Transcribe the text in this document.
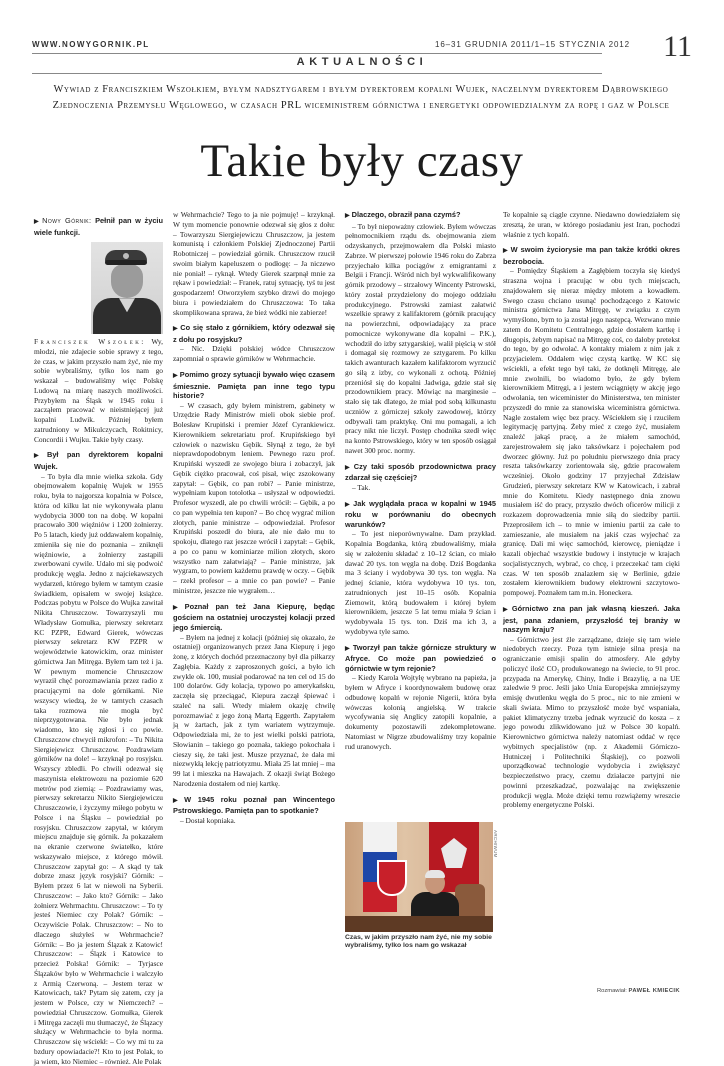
WWW.NOWYGORNIK.PL	16–31 GRUDNIA 2011/1–15 STYCZNIA 2012 11
AKTUALNOŚCI
Wywiad z Franciszkiem Wszołkiem, byłym nadsztygarem i byłym dyrektorem kopalni Wujek, naczelnym dyrektorem Dąbrowskiego Zjednoczenia Przemysłu Węglowego, w czasach PRL wiceministrem górnictwa i energetyki odpowiedzialnym za ropę i gaz w Polsce
Takie były czasy

▶ Nowy Górnik: Pełnił pan w życiu wiele funkcji.

Franciszek Wszołek: Wy, młodzi, nie zdajecie sobie sprawy z tego, że czas, w jakim przyszło nam żyć, nie my sobie wybraliśmy, tylko los nam go wskazał – budowaliśmy więc Polskę Ludową na miarę naszych możliwości. Przybyłem na Śląsk w 1945 roku i zacząłem pracować w nieistniejącej już kopalni Ludwik. Później byłem zatrudniony w Mikulczycach, Rokitnicy, Concordii i Wujku. Takie były czasy.

▶ Był pan dyrektorem kopalni Wujek.

– To była dla mnie wielka szkoła. Gdy obejmowałem kopalnię Wujek w 1955 roku, była to najgorsza kopalnia w Polsce, która od kilku lat nie wykonywała planu wydobycia 3000 ton na dobę. W kopalni pracowało 300 więźniów i 1200 żołnierzy. Po 5 latach, kiedy już oddawałem kopalnię, zmieniła się nie do poznania – zniknęli więźniowie, a żołnierzy zastąpili zwerbowani cywile. Udało mi się podwoić produkcję węgla. Jedno z najciekawszych wydarzeń, którego byłem w tamtym czasie świadkiem, opisałem w swojej książce. Podczas pobytu w Polsce do Wujka zawitał Nikita Chruszczow. Towarzyszyli mu Władysław Gomułka, pierwszy sekretarz KC PZPR, Edward Gierek, wówczas pierwszy sekretarz KW PZPR w województwie katowickim, oraz minister górnictwa Jan Mitręga. Byłem tam też i ja. W pewnym momencie Chruszczow wyraził chęć porozmawiania przez radio z pracującymi na dole górnikami. Nie wszyscy wiedzą, że w tamtych czasach taka rozmowa nie mogła być nieprzygotowana. Nie było jednak wiadomo, kto się zgłosi i co powie. Chruszczow chwycił mikrofon: – Tu Nikita Siergiejewicz Chruszczow. Pozdrawiam górników na dole! – krzyknął po rosyjsku. Wszyscy zbledli. Po chwili odezwał się maszynista elektrowozu na poziomie 620 metrów pod ziemią: – Pozdrawiamy was, pierwszy sekretarzu Nikito Siergiejewiczu Chruszczowie, i życzymy miłego pobytu w Polsce i na Śląsku – powiedział po rosyjsku. Chruszczow zapytał, w którym miejscu znajduje się górnik. Ja pokazałem na ekranie czerwone światełko, które wskazywało miejsce, z którego mówił. Chruszczow zapytał go: – A skąd ty tak dobrze znasz język rosyjski? Górnik: – Byłem przez 6 lat w niewoli na Syberii. Chruszczow: – Jako kto? Górnik: – Jako żołnierz Wehrmachtu. Chruszczow: – To ty jesteś Niemiec czy Polak? Górnik: – Oczywiście Polak. Chruszczow: – No to dlaczego służyłeś w Wehrmachcie? Górnik: – Bo ja jestem Ślązak z Katowic! Chruszczow: – Ślązk i Katowice to przecież Polska! Górnik: – Tyrjasce Ślązaków było w Wehrmachcie i walczyło z Armią Czerwoną. – Jestem teraz w Katowicach, tak? Pytam się zatem, czy ja jestem w Polsce, czy w Niemczech? – powiedział Chruszczow. Gomułka, Gierek i Mitręga zaczęli mu tłumaczyć, że Ślązacy służący w Wehrmachcie to była norma. Chruszczow się wściekł: – Co wy mi tu za bzdury opowiadacie?! Kto to jest Polak, to ja wiem, kto Niemiec – również. Ale Polak

w Wehrmachcie? Tego to ja nie pojmuję! – krzyknął. W tym momencie ponownie odezwał się głos z dołu: – Towarzyszu Siergiejewiczu Chruszczow, ja jestem komunistą i członkiem Polskiej Zjednoczonej Partii Robotniczej – powiedział górnik. Chruszczow rzucił swoim białym kapeluszem o podłogę: – Ja niczewo nie poniał! – ryknął. Wtedy Gierek szarpnął mnie za rękaw i powiedział: – Franek, ratuj sytuację, tyś tu jest gospodarzem! Otworzyłem szybko drzwi do mojego biura i powiedziałem do Chruszczowa: To taka skomplikowana sprawa, że bież wódki nie zabierze!

▶ Co się stało z górnikiem, który odezwał się z dołu po rosyjsku?

– Nic. Dzięki polskiej wódce Chruszczow zapomniał o sprawie górników w Wehrmachcie.

▶ Pomimo grozy sytuacji bywało więc czasem śmiesznie. Pamięta pan inne tego typu historie?

– W czasach, gdy byłem ministrem, gabinety w Urzędzie Rady Ministrów mieli obok siebie prof. Bolesław Krupiński i premier Józef Cyrankiewicz. Kierownikiem sekretariatu prof. Krupińskiego był człowiek o nazwisku Gębik. Słynął z tego, że był nieprawdopodobnym leniem. Pewnego razu prof. Krupiński wyszedł ze swojego biura i zobaczył, jak Gębik ciężko pracował, coś pisał, więc zszokowany zapytał: – Gębik, co pan robi? – Panie ministrze, wypełniam kupon totolotka – usłyszał w odpowiedzi. Profesor wyszedł, ale po chwili wrócił: – Gębik, a po co pan wypełnia ten kupon? – Bo chcę wygrać milion złotych, panie ministrze – odpowiedział. Profesor Krupiński poszedł do biura, ale nie dało mu to spokoju, dlatego raz jeszcze wrócił i zapytał: – Gębik, a po co panu w kominiarze milion złotych, skoro wszystko nam załatwiają? – Panie ministrze, jak wygram, to powiem każdemu prawdę w oczy. – Gębik – rzekł profesor – a mnie co pan powie? – Panie ministrze, jeszcze nie wygrałem…

▶ Poznał pan też Jana Kiepurę, będąc gościem na ostatniej uroczystej kolacji przed jego śmiercią.

– Byłem na jednej z kolacji (później się okazało, że ostatniej) organizowanych przez Jana Kiepurę i jego żonę, z których dochód przeznaczony był dla piłkarzy Zagłębia. Każdy z zaproszonych gości, a było ich zwykle ok. 100, musiał podarować na ten cel od 15 do 100 dolarów. Gdy kolacja, typowo po amerykańsku, zaczęła się przeciągać, Kiepura zaczął śpiewać i szaleć na sali. Wtedy miałem okazję chwilę porozmawiać z jego żoną Martą Eggerth. Zapytałem ją w żartach, jak z tym wariatem wytrzymuje. Odpowiedziała mi, że to jest wielki polski patriota, Słowianin – takiego go poznała, takiego pokochała i cieszy się, że taki jest. Musze przyznać, że dała mi niezwykłą lekcję patriotyzmu. Miała 25 lat mniej – ma 99 lat i mieszka na Hawajach. Z okazji świąt Bożego Narodzenia dostałem od niej kartkę.

▶ W 1945 roku poznał pan Wincentego Pstrowskiego. Pamięta pan to spotkanie?

– Dostał kopniaka.

▶ Dlaczego, obraził pana czymś?

– To był niepoważny człowiek. Byłem wówczas pełnomocnikiem rządu ds. obejmowania ziem odzyskanych, przejmowałem dla Polski miasto Zabrze. W pierwszej połowie 1946 roku do Zabrza przyjechało kilka pociągów z emigrantami z Belgii i Francji. Wśród nich był wykwalifikowany górnik przodowy – strzałowy Wincenty Pstrowski, który został przydzielony do mojego oddziału produkcyjnego. Pstrowski zamiast załatwić wszelkie sprawy z kalifaktorem (górnik pracujący na powierzchni, odpowiadający za prace pomocnicze wykonywane dla kopalni – P.K.), wchodził do izby sztygarskiej, walił pięścią w stół i domagał się rozmowy ze sztygarem. Po kilku takich awanturach kazałem kalifaktorom wyrzucić go siłą z izby, co wykonali z ochotą. Później przeniósł się do kopalni Jadwiga, gdzie stał się przodownikiem pracy. Mówiąc na marginesie – stało się tak dlatego, że miał pod sobą kilkunastu uczniów z górniczej szkoły zawodowej, którzy odbywali tam praktykę. Oni mu pomagali, a ich pracy nikt nie liczył. Postęp chodnika szedł więc na konto Pstrowskiego, który w ten sposób osiągał nawet 300 proc. normy.

▶ Czy taki sposób przodownictwa pracy zdarzał się częściej?

– Tak.

▶ Jak wyglądała praca w kopalni w 1945 roku w porównaniu do obecnych warunków?

– To jest nieporównywalne. Dam przykład. Kopalnia Bogdanka, którą zbudowaliśmy, miała się w założeniu składać z 10–12 ścian, co miało dawać 20 tys. ton węgla na dobę. Dziś Bogdanka ma 3 ściany i wydobywa 30 tys. ton węgla. Na jednej ścianie, która wydobywa 10 tys. ton, zatrudnionych jest 10–15 osób. Kopalnia Ziemowit, którą budowałem i której byłem kierownikiem, jeszcze 5 lat temu miała 9 ścian i wydobywała 15 tys. ton. Dziś ma ich 3, a wydobywa tyle samo.

▶ Tworzył pan także górnicze struktury w Afryce. Co może pan powiedzieć o górnictwie w tym rejonie?

– Kiedy Karola Wojtyłę wybrano na papieża, ja byłem w Afryce i koordynowałem budowę oraz odbudowę kopalń w rejonie Nigerii, która była wówczas kolonią angielską. W trakcie wycofywania się Anglicy zatopili kopalnie, a dokumenty pozostawili zdekompletowane. Natomiast w Nigrze zbudowaliśmy trzy kopalnie rud uranowych.

Te kopalnie są ciągle czynne. Niedawno dowiedziałem się zresztą, że uran, w którego posiadaniu jest Iran, pochodzi właśnie z tych kopalń.

▶ W swoim życiorysie ma pan także krótki okres bezrobocia.

– Pomiędzy Śląskiem a Zagłębiem toczyła się kiedyś straszna wojna i pracując w obu tych miejscach, znajdowałem się nieraz między młotem a kowadłem. Swego czasu chciano usunąć pochodzącego z Katowic ministra górnictwa Jana Mitręgę, w związku z czym wymyślono, bym to ja został jego następcą. Wezwano mnie zatem do Komitetu Centralnego, gdzie dostałem kartkę i długopis, żebym napisać na Mitręgę coś, co dałoby pretekst do tego, by go odwołać. A kontakty miałem z nim jak z przyjacielem. Oddałem więc czystą kartkę. W KC się wściekli, a efekt tego był taki, że dotknęli Mitręgę, ale mnie zwolnili, bo wiadomo było, że gdy byłem kierownikiem Mitręgi, a i jestem wciągnięty w akcję jego odwołania, ten wiceminister do Ministerstwa, ten minister przyszedł do mnie za stanowiska wiceministra górnictwa. Nagle zostałem więc bez pracy. Wściekłem się i rzuciłem legitymację partyjną. Żeby mieć z czego żyć, musiałem znaleźć jakąś pracę, a że miałem samochód, zarejestrowałem się jako taksówkarz i pojechałem pod dworzec główny. Już po południu pierwszego dnia pracy reszta taksówkarzy zorientowała się, gdzie pracowałem wcześniej. Około godziny 17 przyjechał Zdzisław Grudzień, pierwszy sekretarz KW w Katowicach, i zabrał mnie do Komitetu. Kiedy następnego dnia znowu musiałem iść do pracy, przyszło dwóch oficerów milicji z rozkazem doprowadzenia mnie siłą do siedziby partii. Przeprosiłem ich – to mnie w imieniu partii za całe to zamieszanie, ale musiałem na jakiś czas wyjechać za granicę. Dali mi więc samochód, kierowcę, pieniądze i kazali objechać wszystkie budowy i instytucje w krajach socjalistycznych, wybrać, co chcę, i przeczekać tam cięki czas. W ten sposób znalazłem się w Berlinie, gdzie zostałem kierownikiem budowy elektrowni szczytowo-pompowej. Poznałem tam m.in. Honeckera.

▶ Górnictwo zna pan jak własną kieszeń. Jaka jest, pana zdaniem, przyszłość tej branży w naszym kraju?

– Górnictwo jest źle zarządzane, dzieje się tam wiele niedobrych rzeczy. Poza tym istnieje silna presja na ograniczanie emisji spalin do atmosfery. Ale gdyby policzyć ilość CO₂ produkowanego na świecie, to 91 proc. przypada na Amerykę, Chiny, Indie i Brazylię, a na UE zaledwie 9 proc. Jeśli jako Unia Europejska zmniejszymy emisję dwutlenku węgla do 5 proc., nic to nie zmieni w skali świata. Mimo to przyszłość może być wspaniała, pakiet klimatyczny trzeba jednak wyrzucić do kosza – z jego powodu zlikwidowano już w Polsce 30 kopalń. Kierownictwo górnictwa należy natomiast oddać w ręce wybitnych specjalistów (np. z Akademii Górniczo-Hutniczej i Politechniki Śląskiej), co pozwoli uporządkować technologie wydobycia i zwiększyć bezpieczeństwo pracy, czemu działacze partyjni nie powinni przeszkadzać, pozwalając na zwiększenie produkcji węgla. Może dzięki temu rozwiążemy wreszcie problemy energetyczne Polski.

ARCHIWUM
Czas, w jakim przyszło nam żyć, nie my sobie wybraliśmy, tylko los nam go wskazał
Rozmawiał: PAWEŁ KMIECIK
